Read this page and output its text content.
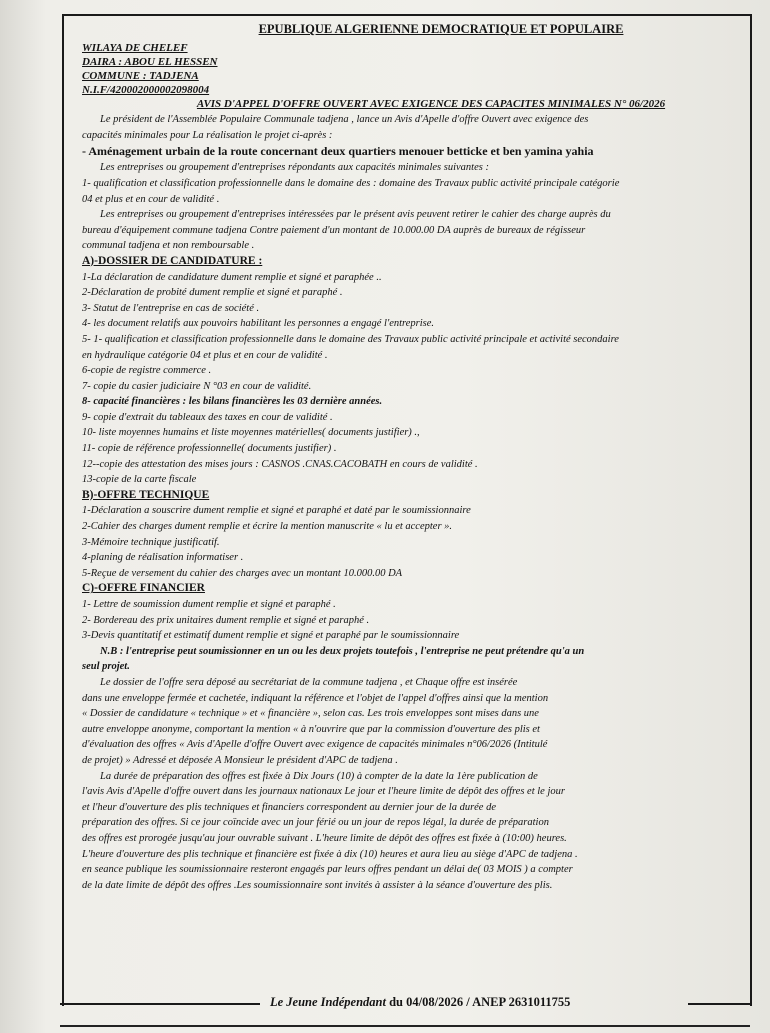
EPUBLIQUE ALGERIENNE DEMOCRATIQUE ET POPULAIRE
WILAYA DE CHELEF
DAIRA : ABOU EL HESSEN
COMMUNE : TADJENA
N.I.F/420002000002098004
AVIS D'APPEL D'OFFRE OUVERT AVEC EXIGENCE DES CAPACITES MINIMALES N° 06/2026
Le président de l'Assemblée Populaire Communale tadjena , lance un Avis d'Apelle d'offre Ouvert avec exigence des
capacités minimales pour La réalisation le projet ci-après :
- Aménagement urbain de la route concernant deux quartiers menouer betticke et ben yamina yahia
Les entreprises ou groupement d'entreprises répondants aux capacités minimales suivantes :
1- qualification et classification professionnelle dans le domaine des : domaine des Travaux public activité principale catégorie
04 et plus et en cour de validité .
Les entreprises ou groupement d'entreprises intéressées par le présent avis peuvent retirer le cahier des charge auprès du
bureau d'équipement commune tadjena Contre paiement d'un montant de 10.000.00 DA auprès de bureaux de régisseur
communal tadjena et non remboursable .
A)-DOSSIER DE CANDIDATURE :
1-La déclaration de candidature dument remplie et signé et paraphée ..
2-Déclaration de probité dument remplie et signé et paraphé .
3- Statut de l'entreprise en cas de société .
4- les document relatifs aux pouvoirs habilitant les personnes a engagé l'entreprise.
5- 1- qualification et classification professionnelle dans le domaine des Travaux public activité principale et activité secondaire
en hydraulique catégorie 04 et plus et en cour de validité .
6-copie de registre commerce .
7- copie du casier judiciaire N °03 en cour de validité.
8- capacité financières : les bilans financières les 03 dernière années.
9- copie d'extrait du tableaux des taxes en cour de validité .
10- liste moyennes humains et liste moyennes matérielles( documents justifier) .,
11- copie de référence professionnelle( documents justifier) .
12--copie des attestation des mises jours : CASNOS .CNAS.CACOBATH en cours de validité .
13-copie de la carte fiscale
B)-OFFRE TECHNIQUE
1-Déclaration a souscrire dument remplie et signé et paraphé et daté par le soumissionnaire
2-Cahier des charges dument remplie et écrire la mention manuscrite « lu et accepter ».
3-Mémoire technique justificatif.
4-planing de réalisation informatiser .
5-Reçue de versement du cahier des charges avec un montant 10.000.00 DA
C)-OFFRE FINANCIER
1- Lettre de soumission dument remplie et signé et paraphé .
2- Bordereau des prix unitaires dument remplie et signé et paraphé .
3-Devis quantitatif et estimatif dument remplie et signé et paraphé par le soumissionnaire
N.B : l'entreprise peut soumissionner en un ou les deux projets toutefois , l'entreprise ne peut prétendre qu'a un
seul projet.
Le dossier de l'offre sera déposé au secrétariat de la commune tadjena , et Chaque offre est insérée
dans une enveloppe fermée et cachetée, indiquant la référence et l'objet de l'appel d'offres ainsi que la mention
« Dossier de candidature « technique » et « financière », selon cas. Les trois enveloppes sont mises dans une
autre enveloppe anonyme, comportant la mention « à n'ouvrire que par la commission d'ouverture des plis et
d'évaluation des offres « Avis d'Apelle d'offre Ouvert avec exigence de capacités minimales n°06/2026 (Intitulé
de projet) » Adressé et déposée A Monsieur le président d'APC de tadjena .
La durée de préparation des offres est fixée à Dix Jours (10) à compter de la date la 1ère publication de
l'avis Avis d'Apelle d'offre ouvert dans les journaux nationaux Le jour et l'heure limite de dépôt des offres et le jour
et l'heur d'ouverture des plis techniques et financiers correspondent au dernier jour de la durée de
préparation des offres. Si ce jour coïncide avec un jour férié ou un jour de repos légal, la durée de préparation
des offres est prorogée jusqu'au jour ouvrable suivant . L'heure limite de dépôt des offres est fixée à (10:00) heures.
L'heure d'ouverture des plis technique et financière est fixée à dix (10) heures et aura lieu au siège d'APC de tadjena .
en seance publique les soumissionnaire resteront engagés par leurs offres pendant un délai de( 03 MOIS ) a compter
de la date limite de dépôt des offres .Les soumissionnaire sont invités à assister à la séance d'ouverture des plis.
Le Jeune Indépendant du 04/08/2026 / ANEP 2631011755
